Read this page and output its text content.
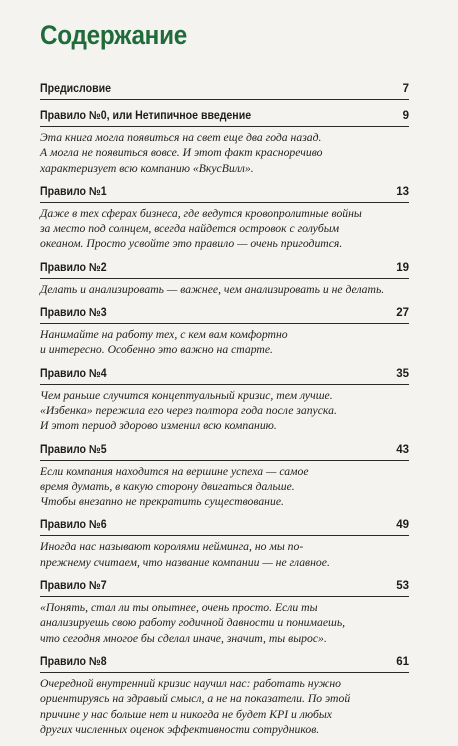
Содержание
Предисловие	7
Правило №0, или Нетипичное введение	9
Эта книга могла появиться на свет еще два года назад.
А могла не появиться вовсе. И этот факт красноречиво
характеризует всю компанию «ВкусВилл».
Правило №1	13
Даже в тех сферах бизнеса, где ведутся кровопролитные войны
за место под солнцем, всегда найдется островок с голубым
океаном. Просто усвойте это правило — очень пригодится.
Правило №2	19
Делать и анализировать — важнее, чем анализировать и не делать.
Правило №3	27
Нанимайте на работу тех, с кем вам комфортно
и интересно. Особенно это важно на старте.
Правило №4	35
Чем раньше случится концептуальный кризис, тем лучше.
«Избенка» пережила его через полтора года после запуска.
И этот период здорово изменил всю компанию.
Правило №5	43
Если компания находится на вершине успеха — самое
время думать, в какую сторону двигаться дальше.
Чтобы внезапно не прекратить существование.
Правило №6	49
Иногда нас называют королями нейминга, но мы по-
прежнему считаем, что название компании — не главное.
Правило №7	53
«Понять, стал ли ты опытнее, очень просто. Если ты
анализируешь свою работу годичной давности и понимаешь,
что сегодня многое бы сделал иначе, значит, ты вырос».
Правило №8	61
Очередной внутренний кризис научил нас: работать нужно
ориентируясь на здравый смысл, а не на показатели. По этой
причине у нас больше нет и никогда не будет KPI и любых
других численных оценок эффективности сотрудников.
